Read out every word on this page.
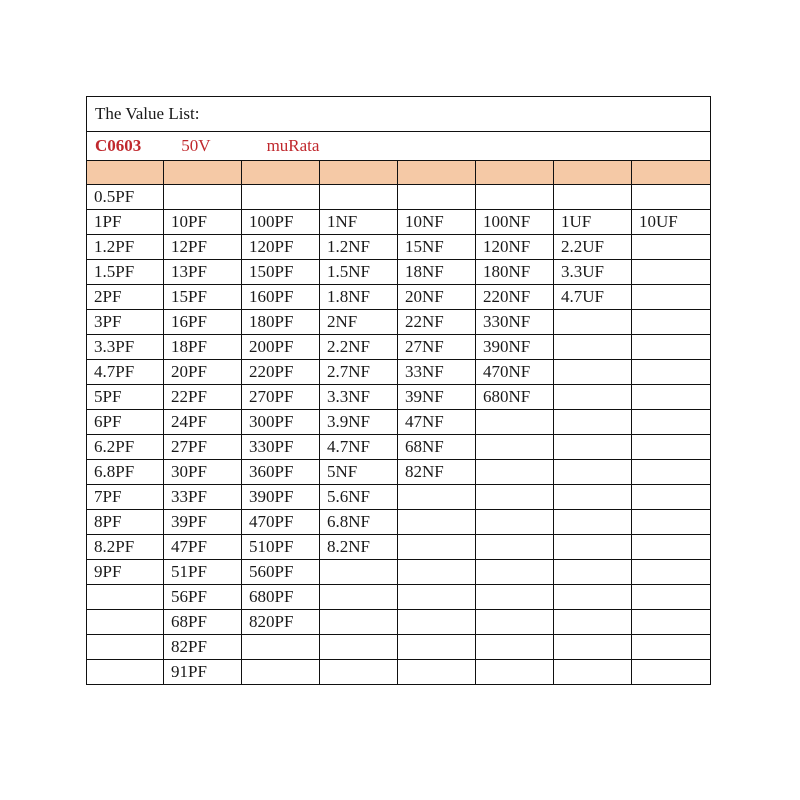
The Value List:							
C0603 50V muRata							

0.5PF							
1PF	10PF	100PF	1NF	10NF	100NF	1UF	10UF
1.2PF	12PF	120PF	1.2NF	15NF	120NF	2.2UF	
1.5PF	13PF	150PF	1.5NF	18NF	180NF	3.3UF	
2PF	15PF	160PF	1.8NF	20NF	220NF	4.7UF	
3PF	16PF	180PF	2NF	22NF	330NF		
3.3PF	18PF	200PF	2.2NF	27NF	390NF		
4.7PF	20PF	220PF	2.7NF	33NF	470NF		
5PF	22PF	270PF	3.3NF	39NF	680NF		
6PF	24PF	300PF	3.9NF	47NF			
6.2PF	27PF	330PF	4.7NF	68NF			
6.8PF	30PF	360PF	5NF	82NF			
7PF	33PF	390PF	5.6NF				
8PF	39PF	470PF	6.8NF				
8.2PF	47PF	510PF	8.2NF				
9PF	51PF	560PF					
	56PF	680PF					
	68PF	820PF					
	82PF						
	91PF						
